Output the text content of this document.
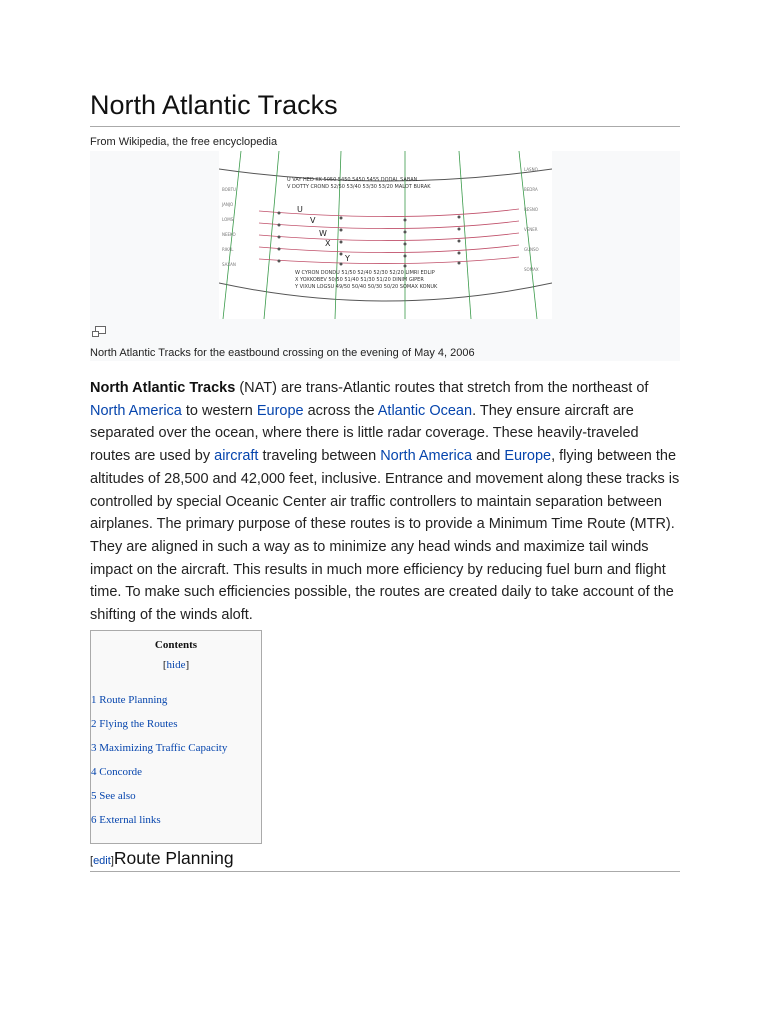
North Atlantic Tracks
From Wikipedia, the free encyclopedia
BOBTU
JANJO
LOMSI
NEEKO
RIKAL
SAXAN
LASNO
BEDRA
RESNO
VENER
GUNSO
SOMAX
U VAY HED KK 5050 5450 5450 5455 DODAL SABAN
V DOTTY CROND 52/50 53/40 53/30 53/20 MALOT BURAK
W CYRON DONDU 51/50 52/40 52/30 52/20 LIMRI EDLIP
X YOXKOBEV 50/50 51/40 51/30 51/20 DINIM GIPER
Y VIXUN LOGSU 49/50 50/40 50/30 50/20 SOMAX KONUK
U
V
W
X
Y
North Atlantic Tracks for the eastbound crossing on the evening of May 4, 2006
North Atlantic Tracks (NAT) are trans-Atlantic routes that stretch from the northeast of North America to western Europe across the Atlantic Ocean. They ensure aircraft are separated over the ocean, where there is little radar coverage. These heavily-traveled routes are used by aircraft traveling between North America and Europe, flying between the altitudes of 28,500 and 42,000 feet, inclusive. Entrance and movement along these tracks is controlled by special Oceanic Center air traffic controllers to maintain separation between airplanes. The primary purpose of these routes is to provide a Minimum Time Route (MTR). They are aligned in such a way as to minimize any head winds and maximize tail winds impact on the aircraft. This results in much more efficiency by reducing fuel burn and flight time. To make such efficiencies possible, the routes are created daily to take account of the shifting of the winds aloft.
Contents
[hide]
1 Route Planning
2 Flying the Routes
3 Maximizing Traffic Capacity
4 Concorde
5 See also
6 External links
[edit]Route Planning
